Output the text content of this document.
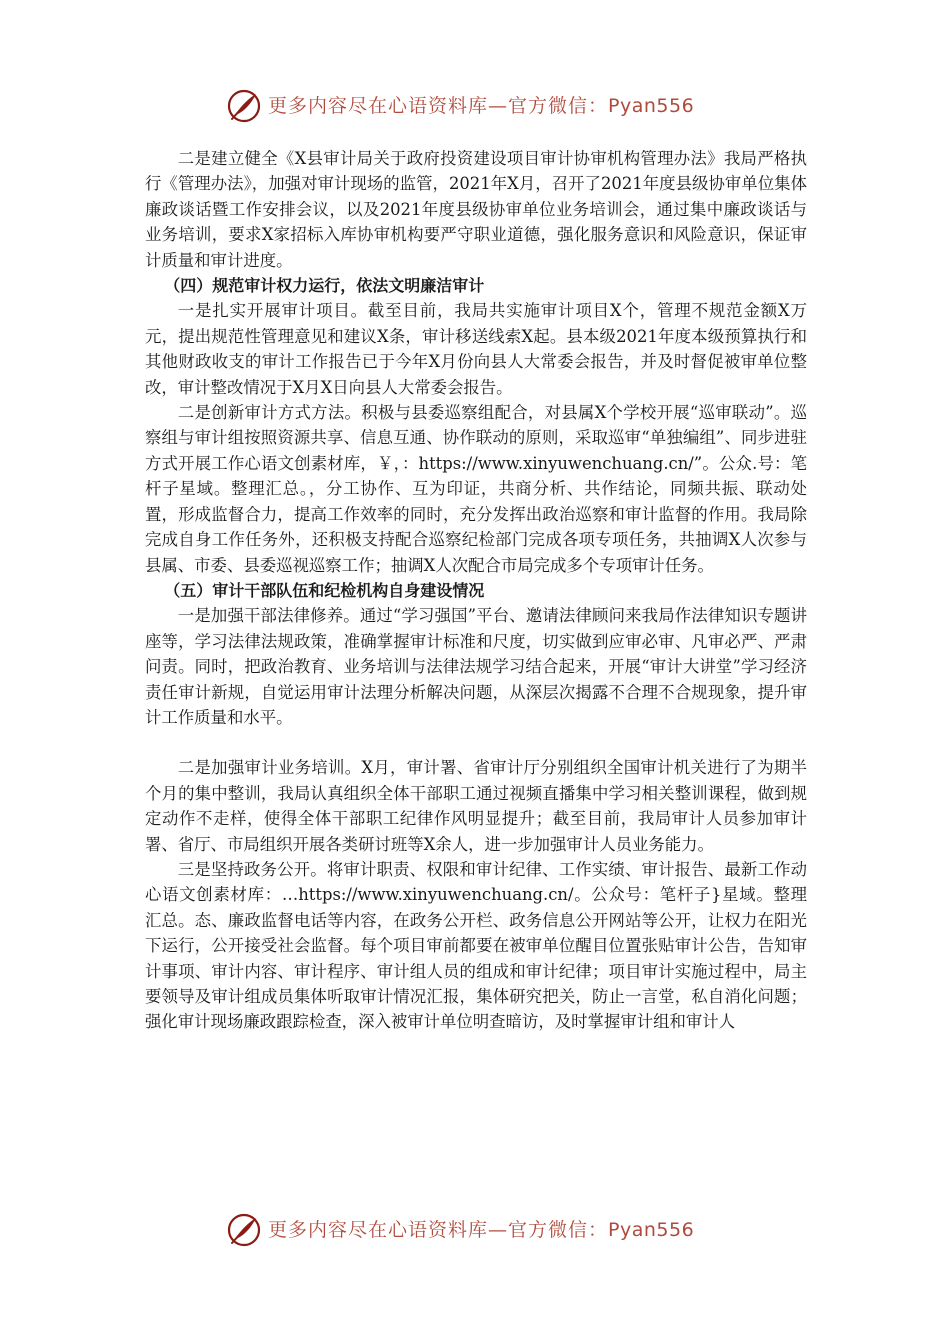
更多内容尽在心语资料库—官方微信：Pyan556

二是建立健全《X县审计局关于政府投资建设项目审计协审机构管理办法》我局严格执行《管理办法》，加强对审计现场的监管，2021年X月，召开了2021年度县级协审单位集体廉政谈话暨工作安排会议，以及2021年度县级协审单位业务培训会，通过集中廉政谈话与业务培训，要求X家招标入库协审机构要严守职业道德，强化服务意识和风险意识，保证审计质量和审计进度。

（四）规范审计权力运行，依法文明廉洁审计

一是扎实开展审计项目。截至目前，我局共实施审计项目X个，管理不规范金额X万元，提出规范性管理意见和建议X条，审计移送线索X起。县本级2021年度本级预算执行和其他财政收支的审计工作报告已于今年X月份向县人大常委会报告，并及时督促被审单位整改，审计整改情况于X月X日向县人大常委会报告。

二是创新审计方式方法。积极与县委巡察组配合，对县属X个学校开展“巡审联动”。巡察组与审计组按照资源共享、信息互通、协作联动的原则，采取巡审“单独编组”、同步进驻方式开展工作心语文创素材库，￥，：https://www.xinyuwenchuang.cn/”。公众.号：笔杆子星域。整理汇总。，分工协作、互为印证，共商分析、共作结论，同频共振、联动处置，形成监督合力，提高工作效率的同时，充分发挥出政治巡察和审计监督的作用。我局除完成自身工作任务外，还积极支持配合巡察纪检部门完成各项专项任务，共抽调X人次参与县属、市委、县委巡视巡察工作；抽调X人次配合市局完成多个专项审计任务。

（五）审计干部队伍和纪检机构自身建设情况

一是加强干部法律修养。通过“学习强国”平台、邀请法律顾问来我局作法律知识专题讲座等，学习法律法规政策，准确掌握审计标准和尺度，切实做到应审必审、凡审必严、严肃问责。同时，把政治教育、业务培训与法律法规学习结合起来，开展“审计大讲堂”学习经济责任审计新规，自觉运用审计法理分析解决问题，从深层次揭露不合理不合规现象，提升审计工作质量和水平。

二是加强审计业务培训。X月，审计署、省审计厅分别组织全国审计机关进行了为期半个月的集中整训，我局认真组织全体干部职工通过视频直播集中学习相关整训课程，做到规定动作不走样，使得全体干部职工纪律作风明显提升；截至目前，我局审计人员参加审计署、省厅、市局组织开展各类研讨班等X余人，进一步加强审计人员业务能力。

三是坚持政务公开。将审计职责、权限和审计纪律、工作实绩、审计报告、最新工作动心语文创素材库：…https://www.xinyuwenchuang.cn/。公众号：笔杆子}星域。整理汇总。态、廉政监督电话等内容，在政务公开栏、政务信息公开网站等公开，让权力在阳光下运行，公开接受社会监督。每个项目审前都要在被审单位醒目位置张贴审计公告，告知审计事项、审计内容、审计程序、审计组人员的组成和审计纪律；项目审计实施过程中，局主要领导及审计组成员集体听取审计情况汇报，集体研究把关，防止一言堂，私自消化问题；强化审计现场廉政跟踪检查，深入被审计单位明查暗访，及时掌握审计组和审计人

更多内容尽在心语资料库—官方微信：Pyan556
